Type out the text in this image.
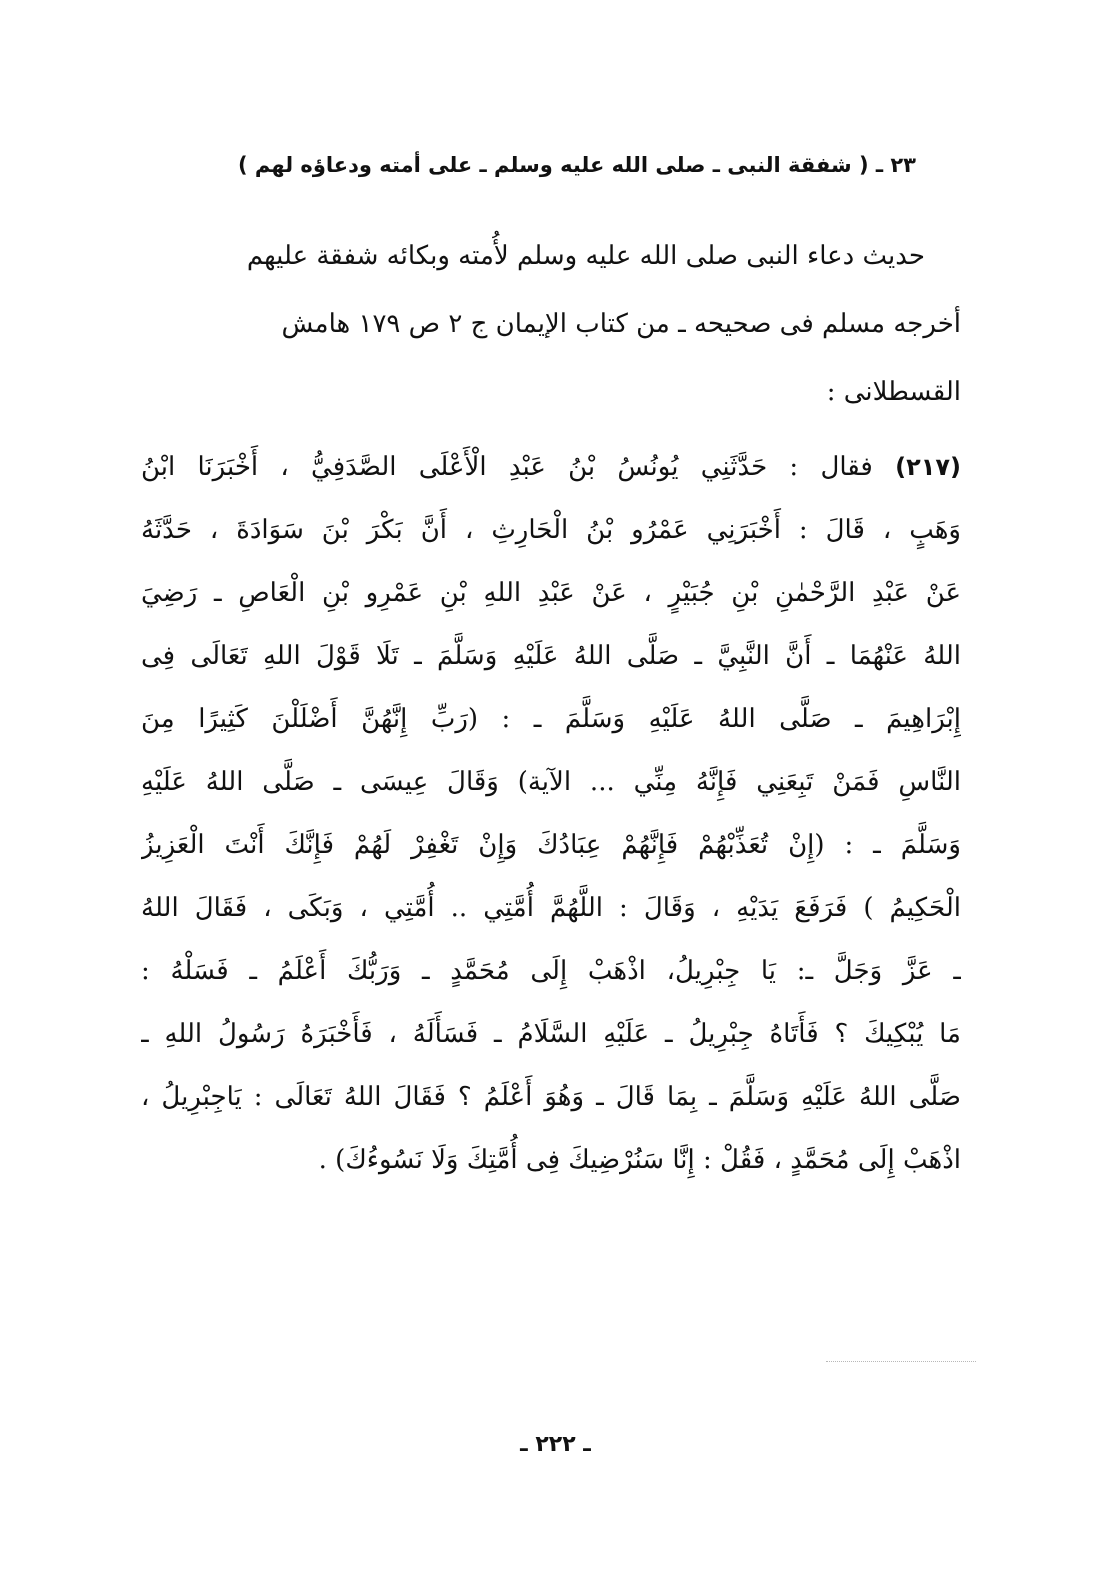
٢٣ ـ ( شفقة النبى ـ صلى الله عليه وسلم ـ على أمته ودعاؤه لهم )
حديث دعاء النبى صلى الله عليه وسلم لأُمته وبكائه شفقة عليهم
أخرجه مسلم فى صحيحه ـ من كتاب الإيمان ج ٢ ص ١٧٩ هامش
القسطلانى :
(٢١٧) فقال : حَدَّثَنِي يُونُسُ بْنُ عَبْدِ الْأَعْلَى الصَّدَفِيُّ ، أَخْبَرَنَا ابْنُ
وَهَبٍ ، قَالَ : أَخْبَرَنِي عَمْرُو بْنُ الْحَارِثِ ، أَنَّ بَكْرَ بْنَ سَوَادَةَ ، حَدَّثَهُ
عَنْ عَبْدِ الرَّحْمٰنِ بْنِ جُبَيْرٍ ، عَنْ عَبْدِ اللهِ بْنِ عَمْرِو بْنِ الْعَاصِ ـ رَضِيَ
اللهُ عَنْهُمَا ـ أَنَّ النَّبِيَّ ـ صَلَّى اللهُ عَلَيْهِ وَسَلَّمَ ـ تَلَا قَوْلَ اللهِ تَعَالَى فِى
إِبْرَاهِيمَ ـ صَلَّى اللهُ عَلَيْهِ وَسَلَّمَ ـ : (رَبِّ إِنَّهُنَّ أَضْلَلْنَ كَثِيرًا مِنَ
النَّاسِ فَمَنْ تَبِعَنِي فَإِنَّهُ مِنِّي ... الآية) وَقَالَ عِيسَى ـ صَلَّى اللهُ عَلَيْهِ
وَسَلَّمَ ـ : (إِنْ تُعَذِّبْهُمْ فَإِنَّهُمْ عِبَادُكَ وَإِنْ تَغْفِرْ لَهُمْ فَإِنَّكَ أَنْتَ الْعَزِيزُ
الْحَكِيمُ ) فَرَفَعَ يَدَيْهِ ، وَقَالَ : اللَّهُمَّ أُمَّتِي .. أُمَّتِي ، وَبَكَى ، فَقَالَ اللهُ
ـ عَزَّ وَجَلَّ ـ: يَا جِبْرِيلُ، اذْهَبْ إِلَى مُحَمَّدٍ ـ وَرَبُّكَ أَعْلَمُ ـ فَسَلْهُ :
مَا يُبْكِيكَ ؟ فَأَتَاهُ جِبْرِيلُ ـ عَلَيْهِ السَّلَامُ ـ فَسَأَلَهُ ، فَأَخْبَرَهُ رَسُولُ اللهِ ـ
صَلَّى اللهُ عَلَيْهِ وَسَلَّمَ ـ بِمَا قَالَ ـ وَهُوَ أَعْلَمُ ؟ فَقَالَ اللهُ تَعَالَى : يَاجِبْرِيلُ ،
اذْهَبْ إِلَى مُحَمَّدٍ ، فَقُلْ : إِنَّا سَنُرْضِيكَ فِى أُمَّتِكَ وَلَا نَسُوءُكَ) .
ـ ٢٢٢ ـ
